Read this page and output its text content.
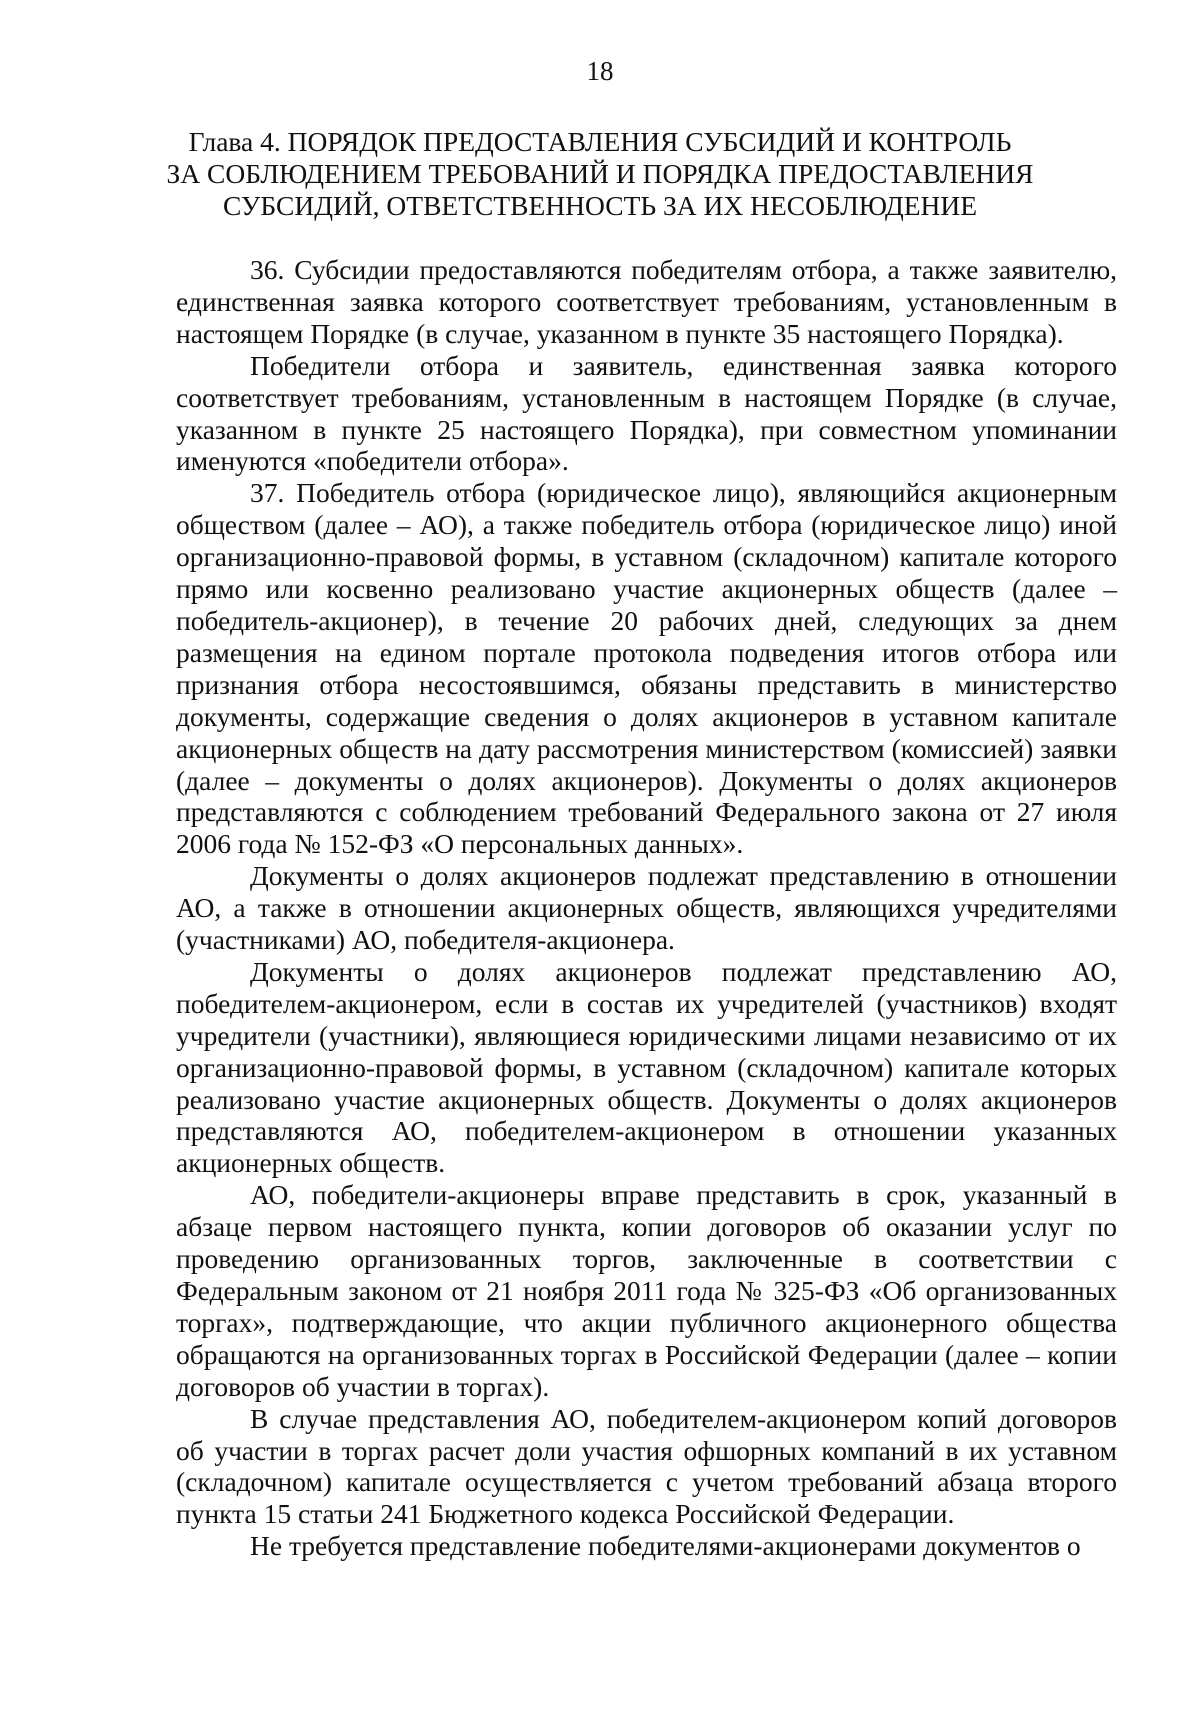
18
Глава 4. ПОРЯДОК ПРЕДОСТАВЛЕНИЯ СУБСИДИЙ И КОНТРОЛЬ
ЗА СОБЛЮДЕНИЕМ ТРЕБОВАНИЙ И ПОРЯДКА ПРЕДОСТАВЛЕНИЯ
СУБСИДИЙ, ОТВЕТСТВЕННОСТЬ ЗА ИХ НЕСОБЛЮДЕНИЕ

36. Субсидии предоставляются победителям отбора, а также заявителю, единственная заявка которого соответствует требованиям, установленным в настоящем Порядке (в случае, указанном в пункте 35 настоящего Порядка).

Победители отбора и заявитель, единственная заявка которого соответствует требованиям, установленным в настоящем Порядке (в случае, указанном в пункте 25 настоящего Порядка), при совместном упоминании именуются «победители отбора».

37. Победитель отбора (юридическое лицо), являющийся акционерным обществом (далее – АО), а также победитель отбора (юридическое лицо) иной организационно-правовой формы, в уставном (складочном) капитале которого прямо или косвенно реализовано участие акционерных обществ (далее – победитель-акционер), в течение 20 рабочих дней, следующих за днем размещения на едином портале протокола подведения итогов отбора или признания отбора несостоявшимся, обязаны представить в министерство документы, содержащие сведения о долях акционеров в уставном капитале акционерных обществ на дату рассмотрения министерством (комиссией) заявки (далее – документы о долях акционеров). Документы о долях акционеров представляются с соблюдением требований Федерального закона от 27 июля 2006 года № 152-ФЗ «О персональных данных».

Документы о долях акционеров подлежат представлению в отношении АО, а также в отношении акционерных обществ, являющихся учредителями (участниками) АО, победителя-акционера.

Документы о долях акционеров подлежат представлению АО, победителем-акционером, если в состав их учредителей (участников) входят учредители (участники), являющиеся юридическими лицами независимо от их организационно-правовой формы, в уставном (складочном) капитале которых реализовано участие акционерных обществ. Документы о долях акционеров представляются АО, победителем-акционером в отношении указанных акционерных обществ.

АО, победители-акционеры вправе представить в срок, указанный в абзаце первом настоящего пункта, копии договоров об оказании услуг по проведению организованных торгов, заключенные в соответствии с Федеральным законом от 21 ноября 2011 года № 325-ФЗ «Об организованных торгах», подтверждающие, что акции публичного акционерного общества обращаются на организованных торгах в Российской Федерации (далее – копии договоров об участии в торгах).

В случае представления АО, победителем-акционером копий договоров об участии в торгах расчет доли участия офшорных компаний в их уставном (складочном) капитале осуществляется с учетом требований абзаца второго пункта 15 статьи 241 Бюджетного кодекса Российской Федерации.

Не требуется представление победителями-акционерами документов о
